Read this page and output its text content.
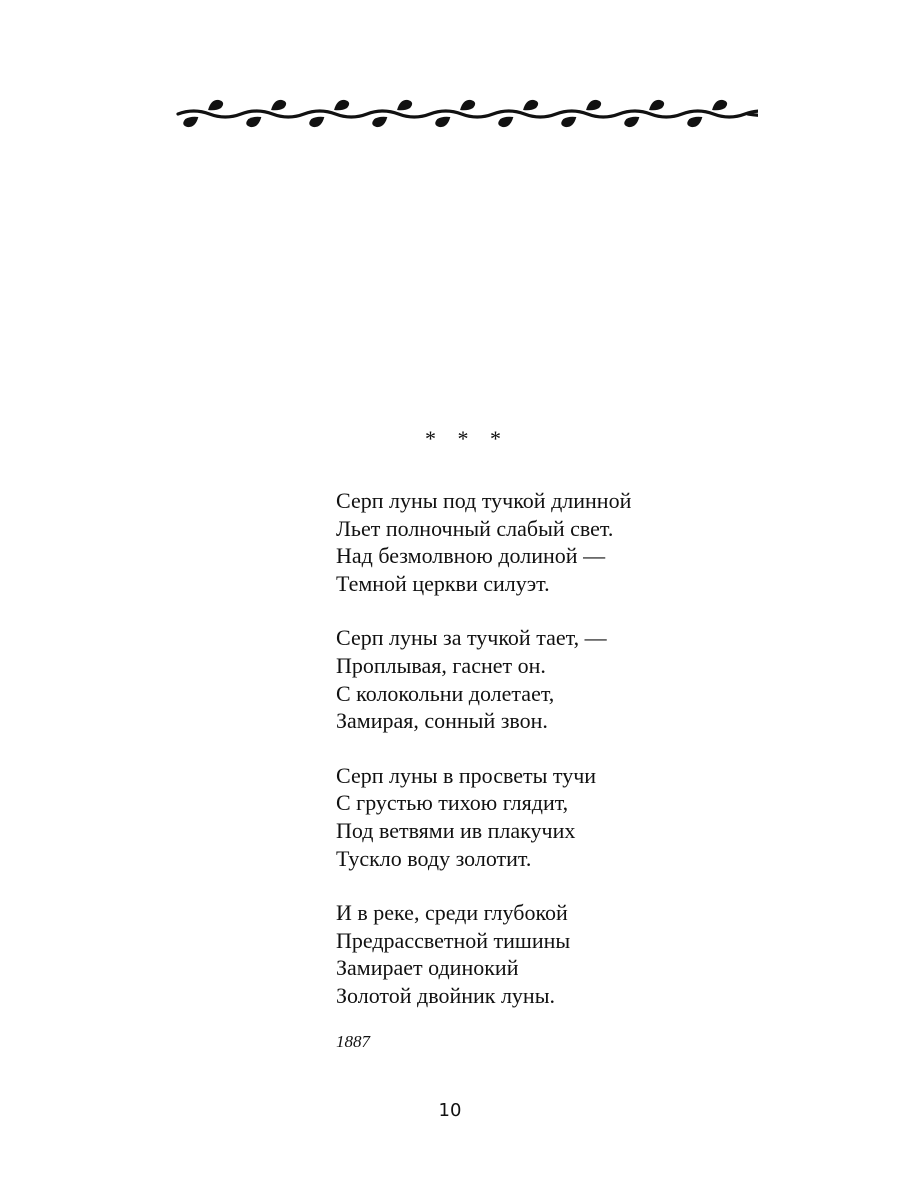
* * *
Серп луны под тучкой длинной
Льет полночный слабый свет.
Над безмолвною долиной —
Темной церкви силуэт.
Серп луны за тучкой тает, —
Проплывая, гаснет он.
С колокольни долетает,
Замирая, сонный звон.
Серп луны в просветы тучи
С грустью тихою глядит,
Под ветвями ив плакучих
Тускло воду золотит.
И в реке, среди глубокой
Предрассветной тишины
Замирает одинокий
Золотой двойник луны.
1887
10
